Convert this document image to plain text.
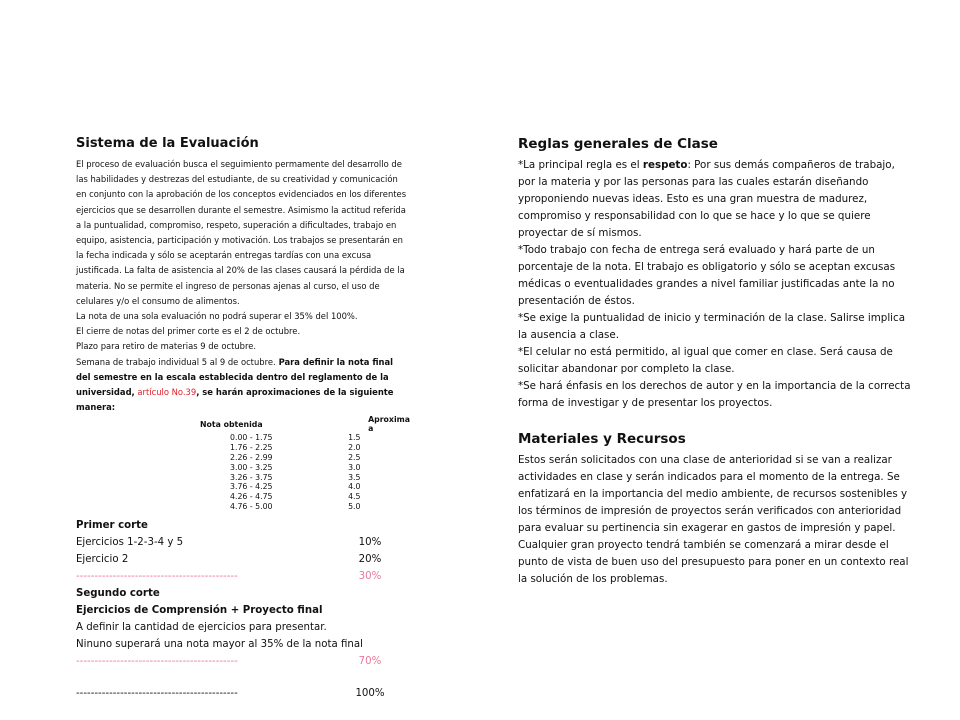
Sistema de la Evaluación

El proceso de evaluación busca el seguimiento permamente del desarrollo de las habilidades y destrezas del estudiante, de su creatividad y comunicación en conjunto con la aprobación de los conceptos evidenciados en los diferentes ejercicios que se desarrollen durante el semestre. Asimismo la actitud referida a la puntualidad, compromiso, respeto, superación a dificultades, trabajo en equipo, asistencia, participación y motivación. Los trabajos se presentarán en la fecha indicada y sólo se aceptarán entregas tardías con una excusa justificada. La falta de asistencia al 20% de las clases causará la pérdida de la materia. No se permite el ingreso de personas ajenas al curso, el uso de celulares y/o el consumo de alimentos.

La nota de una sola evaluación no podrá superar el 35% del 100%.

El cierre de notas del primer corte es el 2 de octubre.

Plazo para retiro de materias 9 de octubre.

Semana de trabajo individual 5 al 9 de octubre. Para definir la nota final del semestre en la escala establecida dentro del reglamento de la universidad, artículo No.39, se harán aproximaciones de la siguiente manera:

Nota obtenida	Aproxima a
0.00 - 1.75	1.5
1.76 - 2.25	2.0
2.26 - 2.99	2.5
3.00 - 3.25	3.0
3.26 - 3.75	3.5
3.76 - 4.25	4.0
4.26 - 4.75	4.5
4.76 - 5.00	5.0
Primer corte
Ejercicios 1-2-3-4 y 5	10%
Ejercicio 2	20%
--------------------------------------------	30%
Segundo corte
Ejercicios de Comprensión + Proyecto final
A definir la cantidad de ejercicios para presentar.
Ninuno superará una nota mayor al 35% de la nota final
--------------------------------------------	70%
--------------------------------------------	100%
Reglas generales de Clase

*La principal regla es el respeto: Por sus demás compañeros de trabajo, por la materia y por las personas para las cuales estarán diseñando yproponiendo nuevas ideas. Esto es una gran muestra de madurez, compromiso y responsabilidad con lo que se hace y lo que se quiere proyectar de sí mismos.

*Todo trabajo con fecha de entrega será evaluado y hará parte de un porcentaje de la nota. El trabajo es obligatorio y sólo se aceptan excusas médicas o eventualidades grandes a nivel familiar justificadas ante la no presentación de éstos.

*Se exige la puntualidad de inicio y terminación de la clase. Salirse implica la ausencia a clase.

*El celular no está permitido, al igual que comer en clase. Será causa de solicitar abandonar por completo la clase.

*Se hará énfasis en los derechos de autor y en la importancia de la correcta forma de investigar y de presentar los proyectos.

Materiales y Recursos

Estos serán solicitados con una clase de anterioridad si se van a realizar actividades en clase y serán indicados para el momento de la entrega. Se enfatizará en la importancia del medio ambiente, de recursos sostenibles y los términos de impresión de proyectos serán verificados con anterioridad para evaluar su pertinencia sin exagerar en gastos de impresión y papel.

Cualquier gran proyecto tendrá también se comenzará a mirar desde el punto de vista de buen uso del presupuesto para poner en un contexto real la solución de los problemas.
